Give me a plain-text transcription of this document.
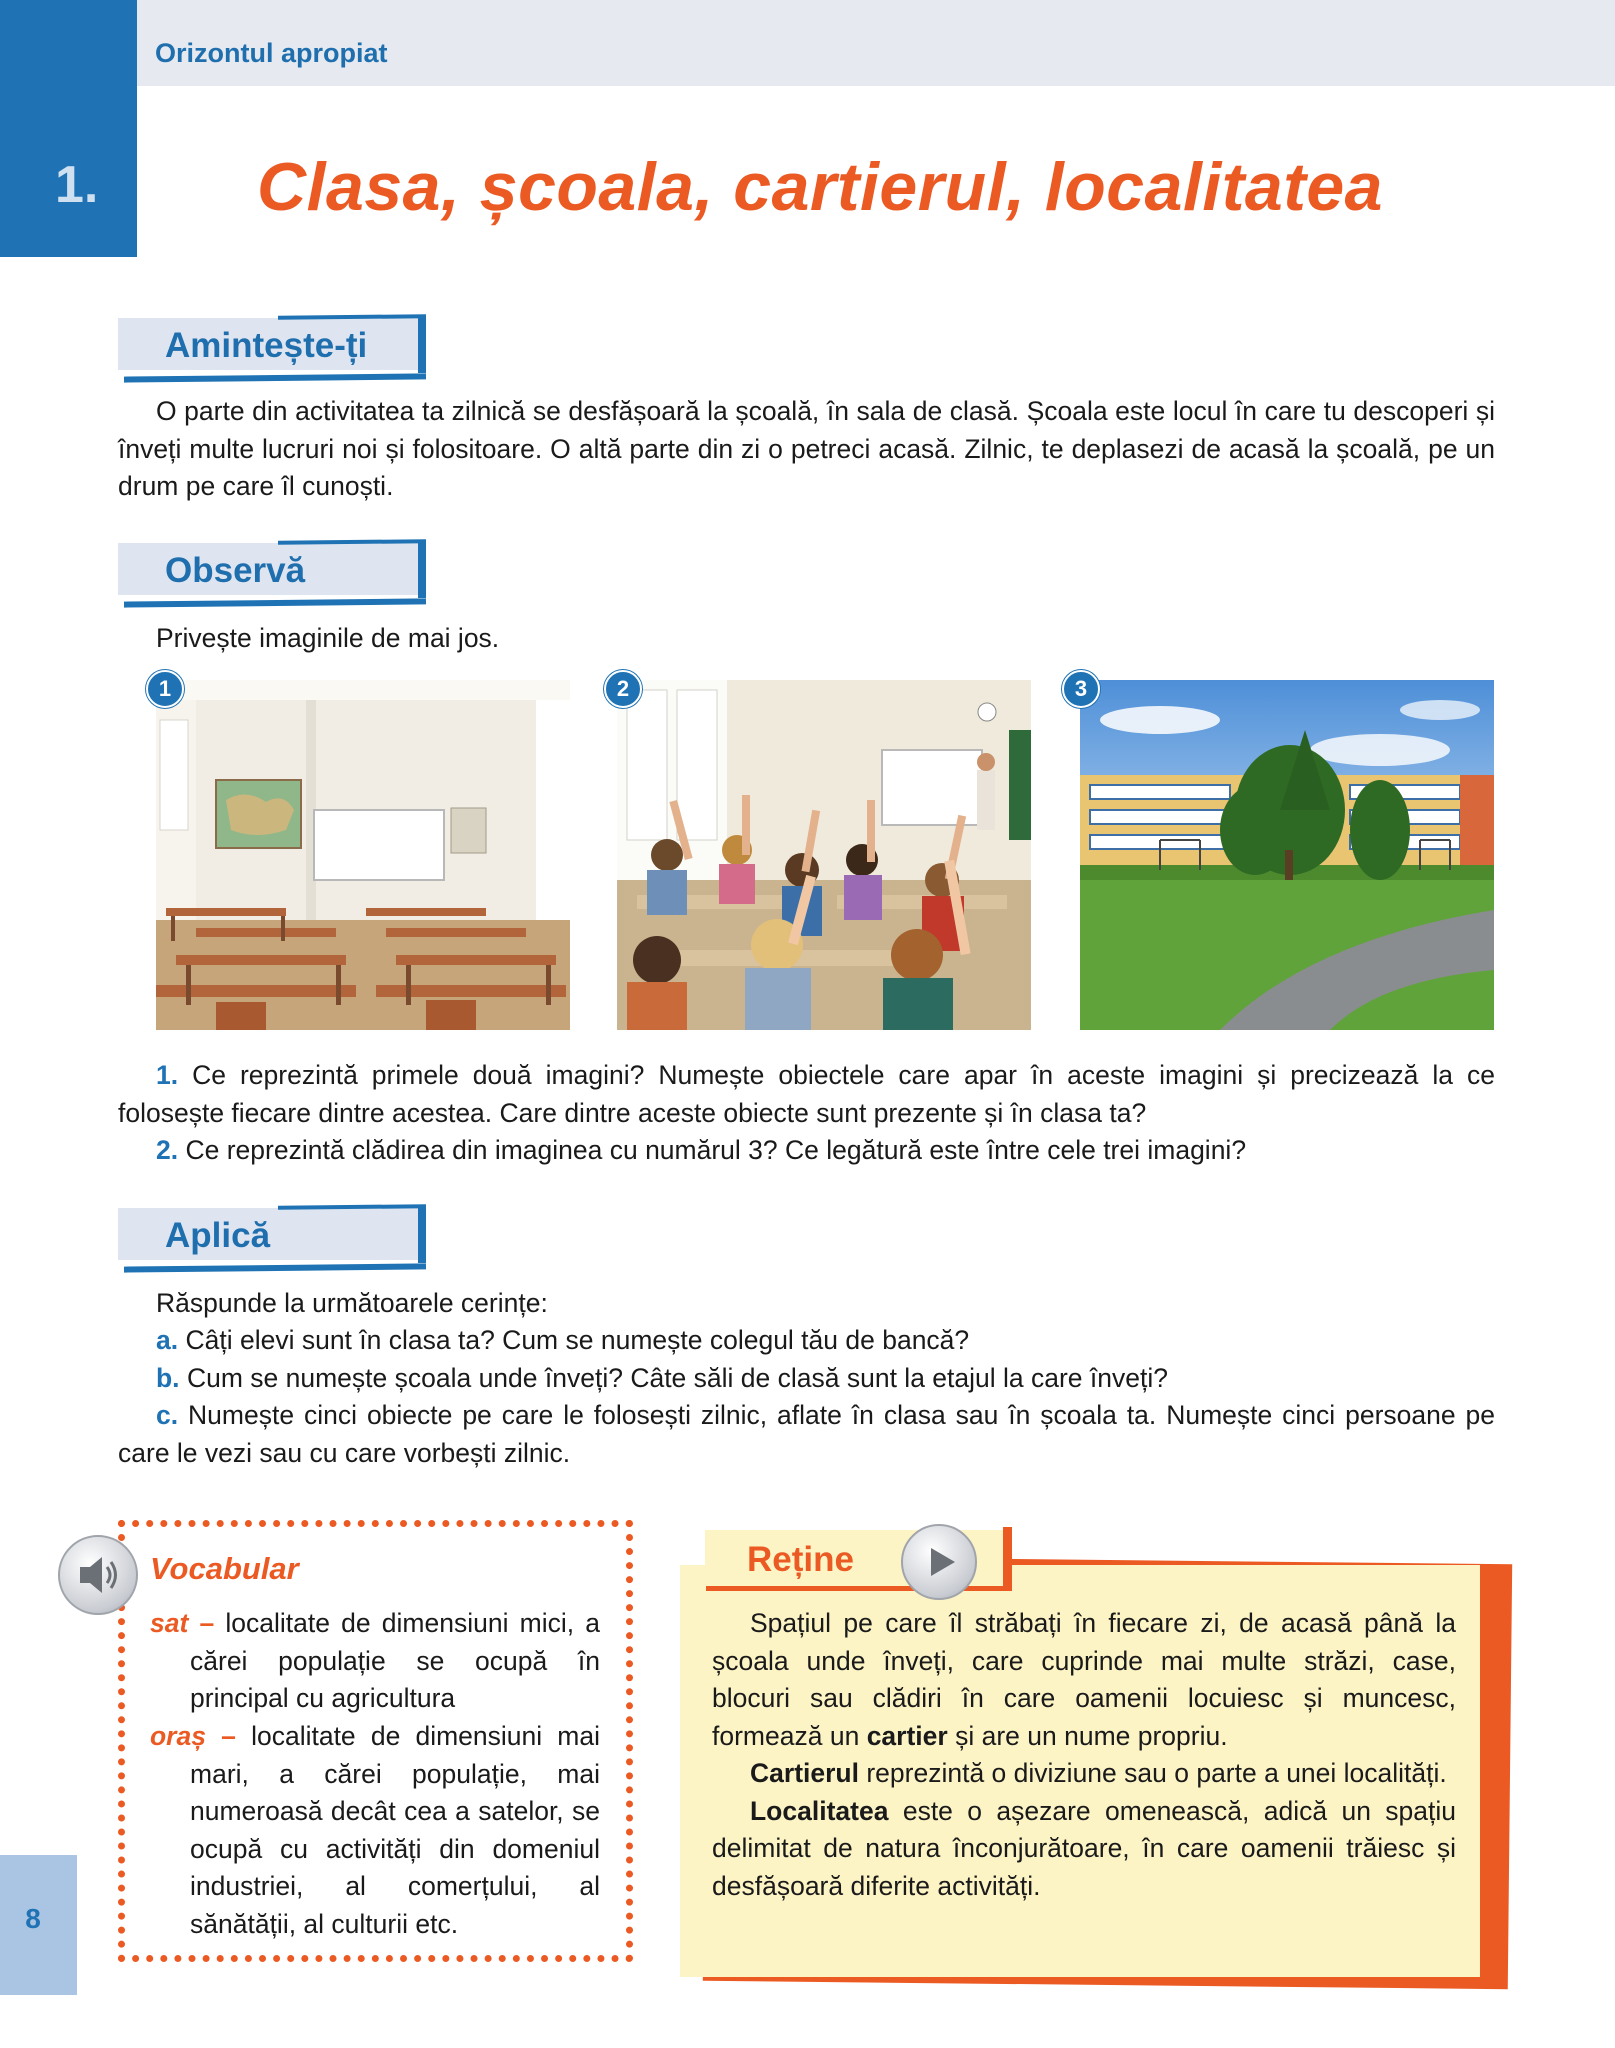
1.
Orizontul apropiat
Clasa, școala, cartierul, localitatea
Amintește-ți
O parte din activitatea ta zilnică se desfășoară la școală, în sala de clasă. Școala este locul în care tu descoperi și înveți multe lucruri noi și folositoare. O altă parte din zi o petreci acasă. Zilnic, te deplasezi de acasă la școală, pe un drum pe care îl cunoști.
Observă
Privește imaginile de mai jos.
1	2	3
1. Ce reprezintă primele două imagini? Numește obiectele care apar în aceste imagini și precizează la ce folosește fiecare dintre acestea. Care dintre aceste obiecte sunt prezente și în clasa ta?
2. Ce reprezintă clădirea din imaginea cu numărul 3? Ce legătură este între cele trei imagini?
Aplică
Răspunde la următoarele cerințe:
a. Câți elevi sunt în clasa ta? Cum se numește colegul tău de bancă?
b. Cum se numește școala unde înveți? Câte săli de clasă sunt la etajul la care înveți?
c. Numește cinci obiecte pe care le folosești zilnic, aflate în clasa sau în școala ta. Numește cinci persoane pe care le vezi sau cu care vorbești zilnic.
Vocabular
sat – localitate de dimensiuni mici, a cărei populație se ocupă în principal cu agricultura
oraș – localitate de dimensiuni mai mari, a cărei populație, mai numeroasă decât cea a satelor, se ocupă cu activități din domeniul industriei, al comerțului, al sănătății, al culturii etc.
Reține
Spațiul pe care îl străbați în fiecare zi, de acasă până la școala unde înveți, care cuprinde mai multe străzi, case, blocuri sau clădiri în care oamenii locuiesc și muncesc, formează un cartier și are un nume propriu.
Cartierul reprezintă o diviziune sau o parte a unei localități.
Localitatea este o așezare omenească, adică un spațiu delimitat de natura înconjurătoare, în care oamenii trăiesc și desfășoară diferite activități.
8
